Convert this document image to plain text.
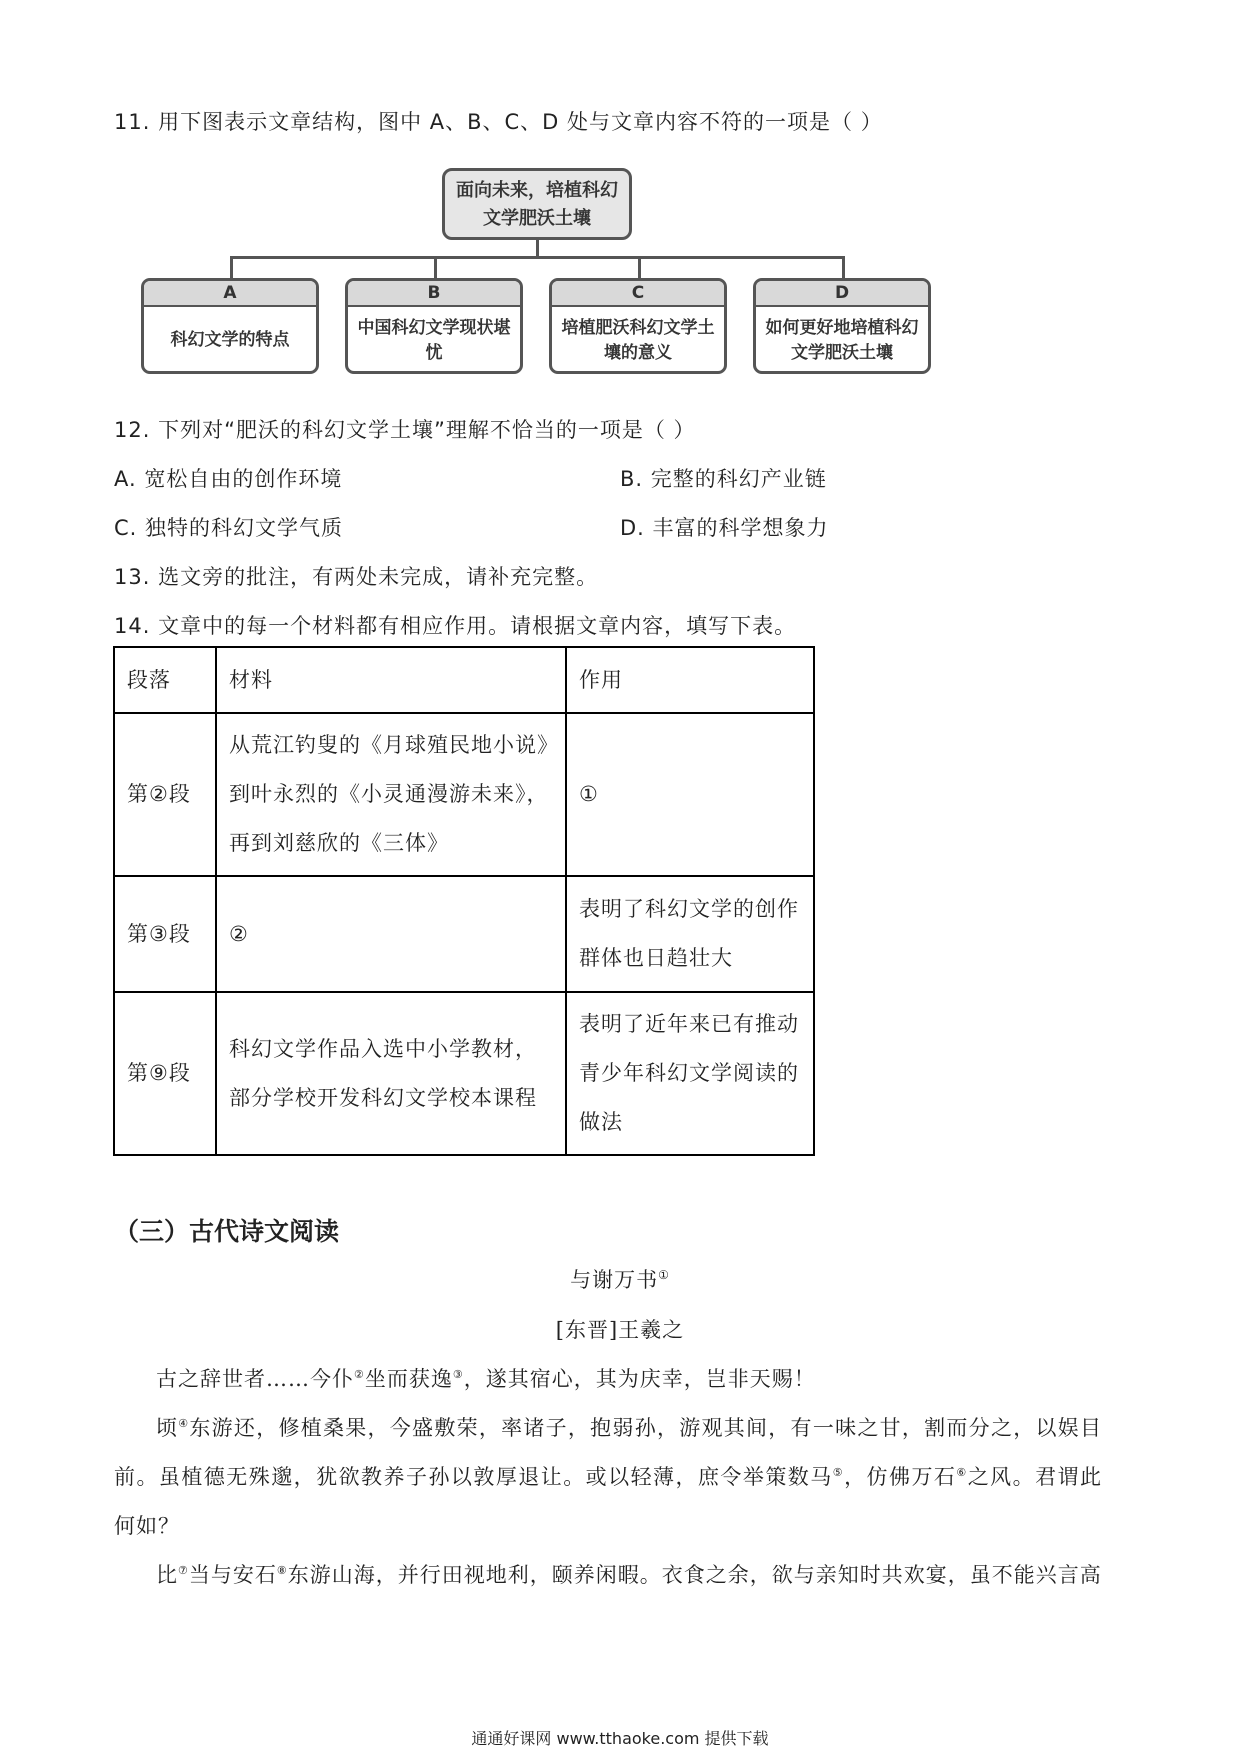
11. 用下图表示文章结构，图中 A、B、C、D 处与文章内容不符的一项是（ ）
面向未来，培植科幻
文学肥沃土壤
A
科幻文学的特点
B
中国科幻文学现状堪忧
C
培植肥沃科幻文学土壤的意义
D
如何更好地培植科幻文学肥沃土壤
12. 下列对“肥沃的科幻文学土壤”理解不恰当的一项是（ ）
A. 宽松自由的创作环境	B. 完整的科幻产业链
C. 独特的科幻文学气质	D. 丰富的科学想象力
13. 选文旁的批注，有两处未完成，请补充完整。
14. 文章中的每一个材料都有相应作用。请根据文章内容，填写下表。
段落	材料	作用
第②段	从荒江钓叟的《月球殖民地小说》到叶永烈的《小灵通漫游未来》，再到刘慈欣的《三体》	①
第③段	②	表明了科幻文学的创作群体也日趋壮大
第⑨段	科幻文学作品入选中小学教材，部分学校开发科幻文学校本课程	表明了近年来已有推动青少年科幻文学阅读的做法
（三）古代诗文阅读
与谢万书①
[东晋]王羲之
古之辞世者……今仆②坐而获逸③，遂其宿心，其为庆幸，岂非天赐！
顷④东游还，修植桑果，今盛敷荣，率诸子，抱弱孙，游观其间，有一味之甘，割而分之，以娱目前。虽植德无殊邈，犹欲教养子孙以敦厚退让。或以轻薄，庶令举策数马⑤，仿佛万石⑥之风。君谓此何如？
比⑦当与安石⑧东游山海，并行田视地利，颐养闲暇。衣食之余，欲与亲知时共欢宴，虽不能兴言高
通通好课网 www.tthaoke.com 提供下载
